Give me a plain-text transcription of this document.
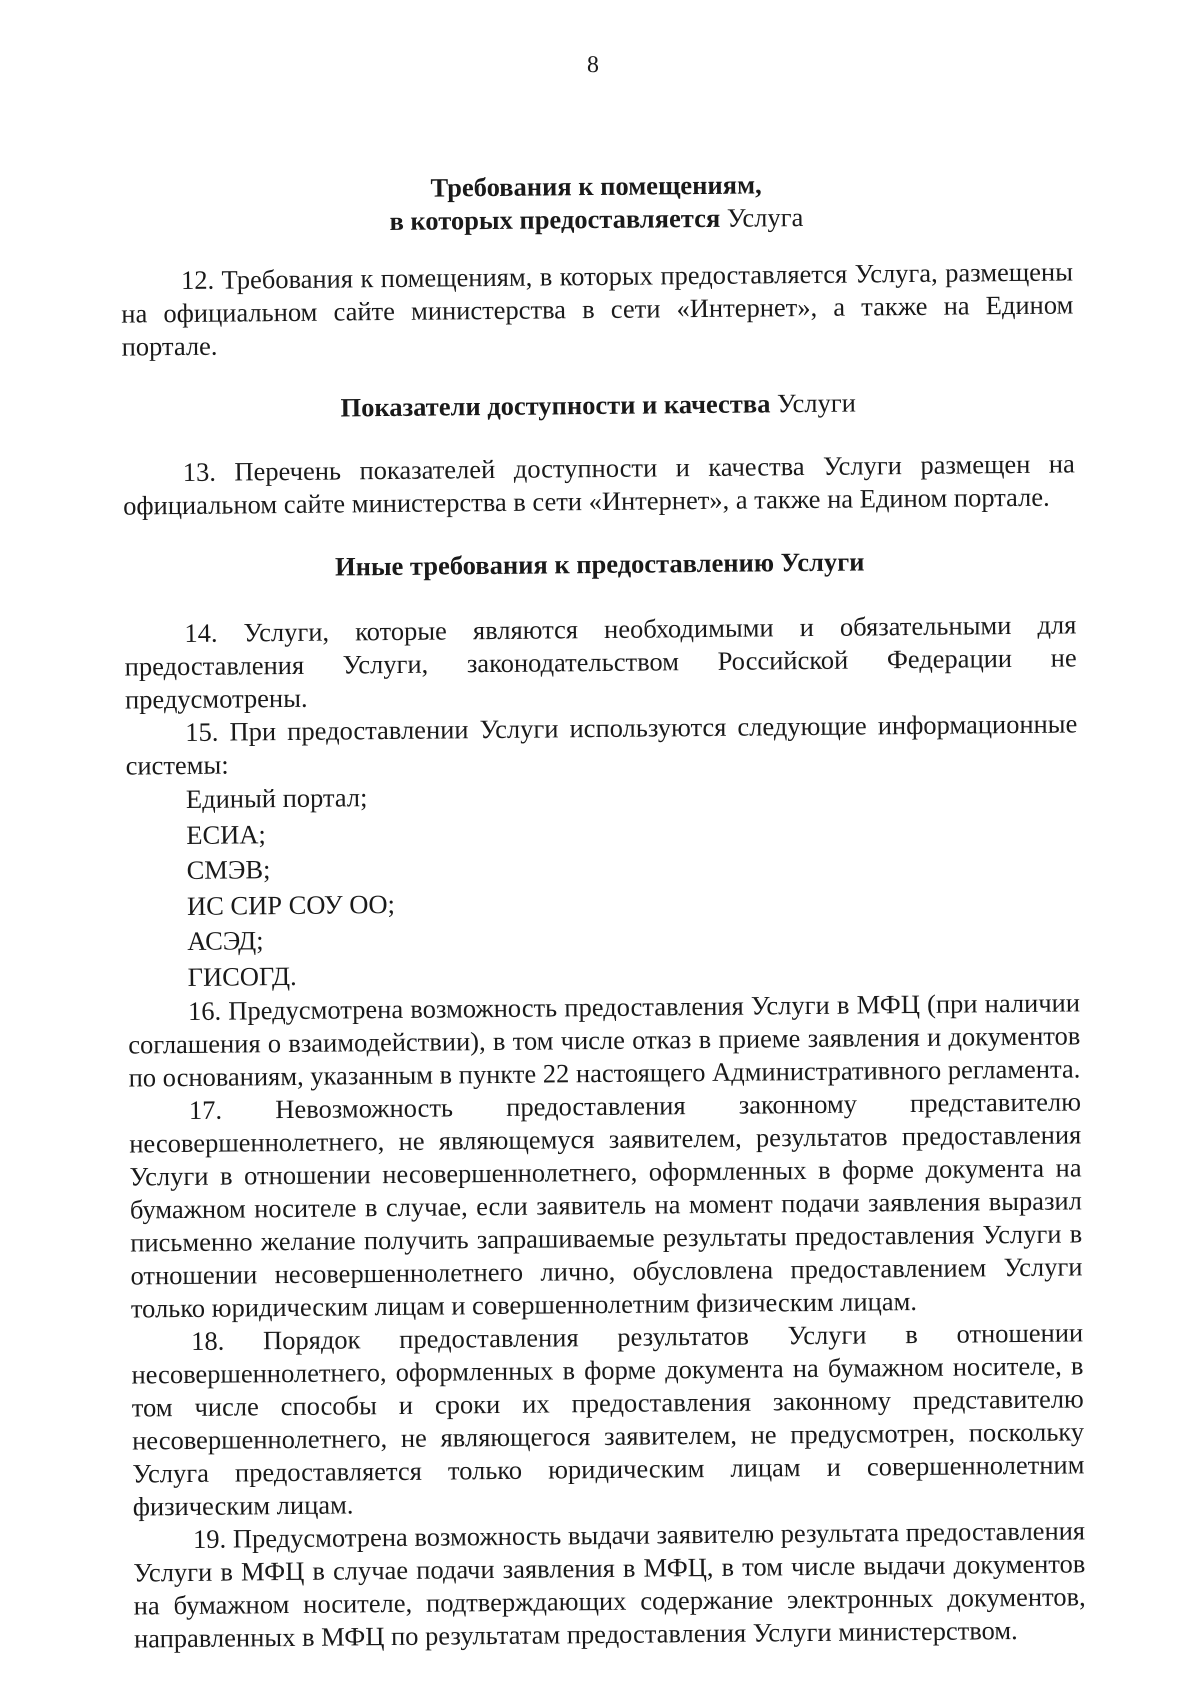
8
Требования к помещениям,
в которых предоставляется Услуга

12. Требования к помещениям, в которых предоставляется Услуга, размещены на официальном сайте министерства в сети «Интернет», а также на Едином портале.

Показатели доступности и качества Услуги

13. Перечень показателей доступности и качества Услуги размещен на официальном сайте министерства в сети «Интернет», а также на Едином портале.

Иные требования к предоставлению Услуги

14. Услуги, которые являются необходимыми и обязательными для предоставления Услуги, законодательством Российской Федерации не предусмотрены.

15. При предоставлении Услуги используются следующие информационные системы:

Единый портал;

ЕСИА;

СМЭВ;

ИС СИР СОУ ОО;

АСЭД;

ГИСОГД.

16. Предусмотрена возможность предоставления Услуги в МФЦ (при наличии соглашения о взаимодействии), в том числе отказ в приеме заявления и документов по основаниям, указанным в пункте 22 настоящего Административного регламента.

17. Невозможность предоставления законному представителю несовершеннолетнего, не являющемуся заявителем, результатов предоставления Услуги в отношении несовершеннолетнего, оформленных в форме документа на бумажном носителе в случае, если заявитель на момент подачи заявления выразил письменно желание получить запрашиваемые результаты предоставления Услуги в отношении несовершеннолетнего лично, обусловлена предоставлением Услуги только юридическим лицам и совершеннолетним физическим лицам.

18. Порядок предоставления результатов Услуги в отношении несовершеннолетнего, оформленных в форме документа на бумажном носителе, в том числе способы и сроки их предоставления законному представителю несовершеннолетнего, не являющегося заявителем, не предусмотрен, поскольку Услуга предоставляется только юридическим лицам и совершеннолетним физическим лицам.

19. Предусмотрена возможность выдачи заявителю результата предоставления Услуги в МФЦ в случае подачи заявления в МФЦ, в том числе выдачи документов на бумажном носителе, подтверждающих содержание электронных документов, направленных в МФЦ по результатам предоставления Услуги министерством.
